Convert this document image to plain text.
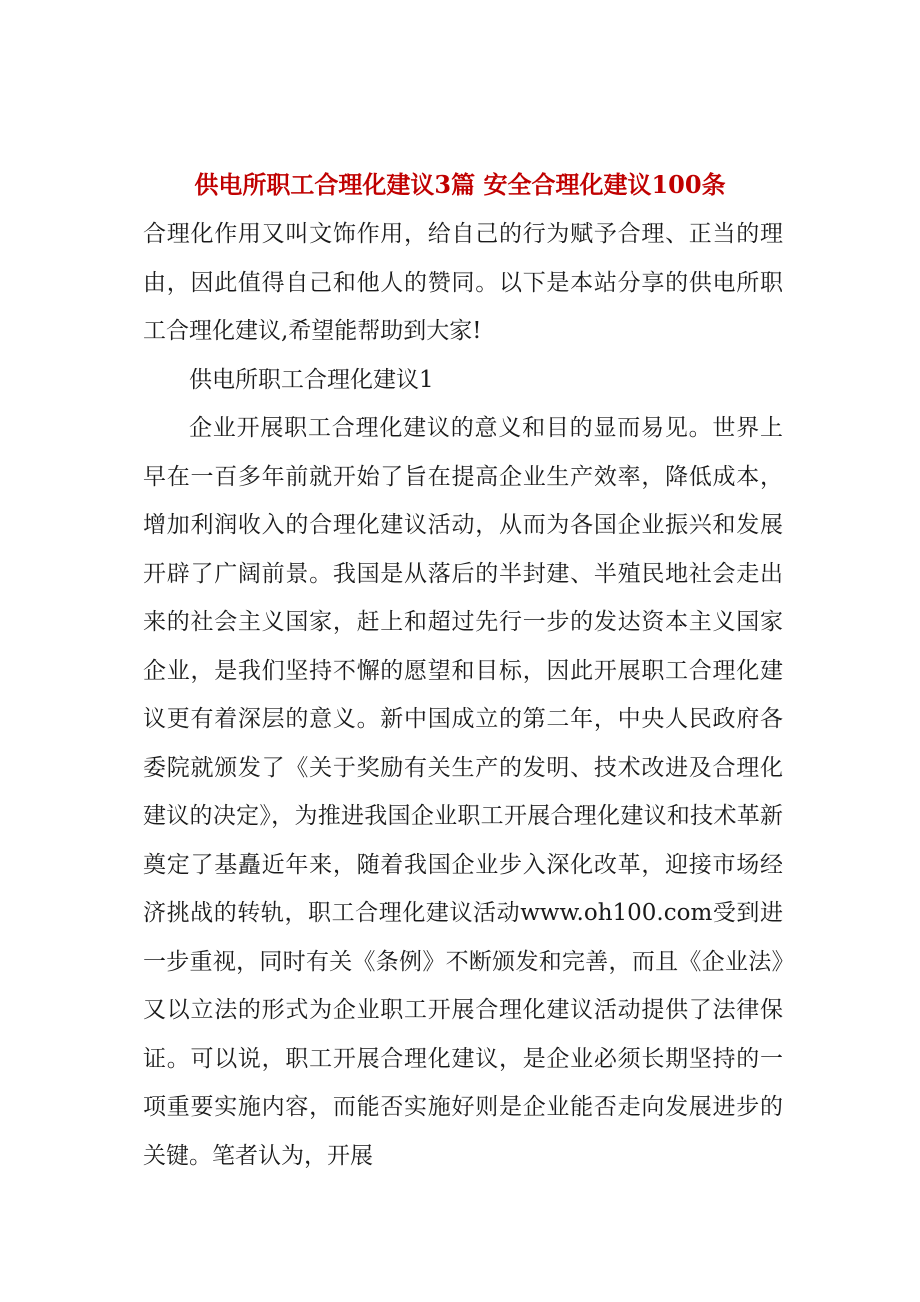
供电所职工合理化建议3篇 安全合理化建议100条

合理化作用又叫文饰作用，给自己的行为赋予合理、正当的理由，因此值得自己和他人的赞同。以下是本站分享的供电所职工合理化建议,希望能帮助到大家!

供电所职工合理化建议1

企业开展职工合理化建议的意义和目的显而易见。世界上早在一百多年前就开始了旨在提高企业生产效率，降低成本，增加利润收入的合理化建议活动，从而为各国企业振兴和发展开辟了广阔前景。我国是从落后的半封建、半殖民地社会走出来的社会主义国家，赶上和超过先行一步的发达资本主义国家企业，是我们坚持不懈的愿望和目标，因此开展职工合理化建议更有着深层的意义。新中国成立的第二年，中央人民政府各委院就颁发了《关于奖励有关生产的发明、技术改进及合理化建议的决定》，为推进我国企业职工开展合理化建议和技术革新奠定了基矗近年来，随着我国企业步入深化改革，迎接市场经济挑战的转轨，职工合理化建议活动www.oh100.com受到进一步重视，同时有关《条例》不断颁发和完善，而且《企业法》又以立法的形式为企业职工开展合理化建议活动提供了法律保证。可以说，职工开展合理化建议，是企业必须长期坚持的一项重要实施内容，而能否实施好则是企业能否走向发展进步的关键。笔者认为，开展
